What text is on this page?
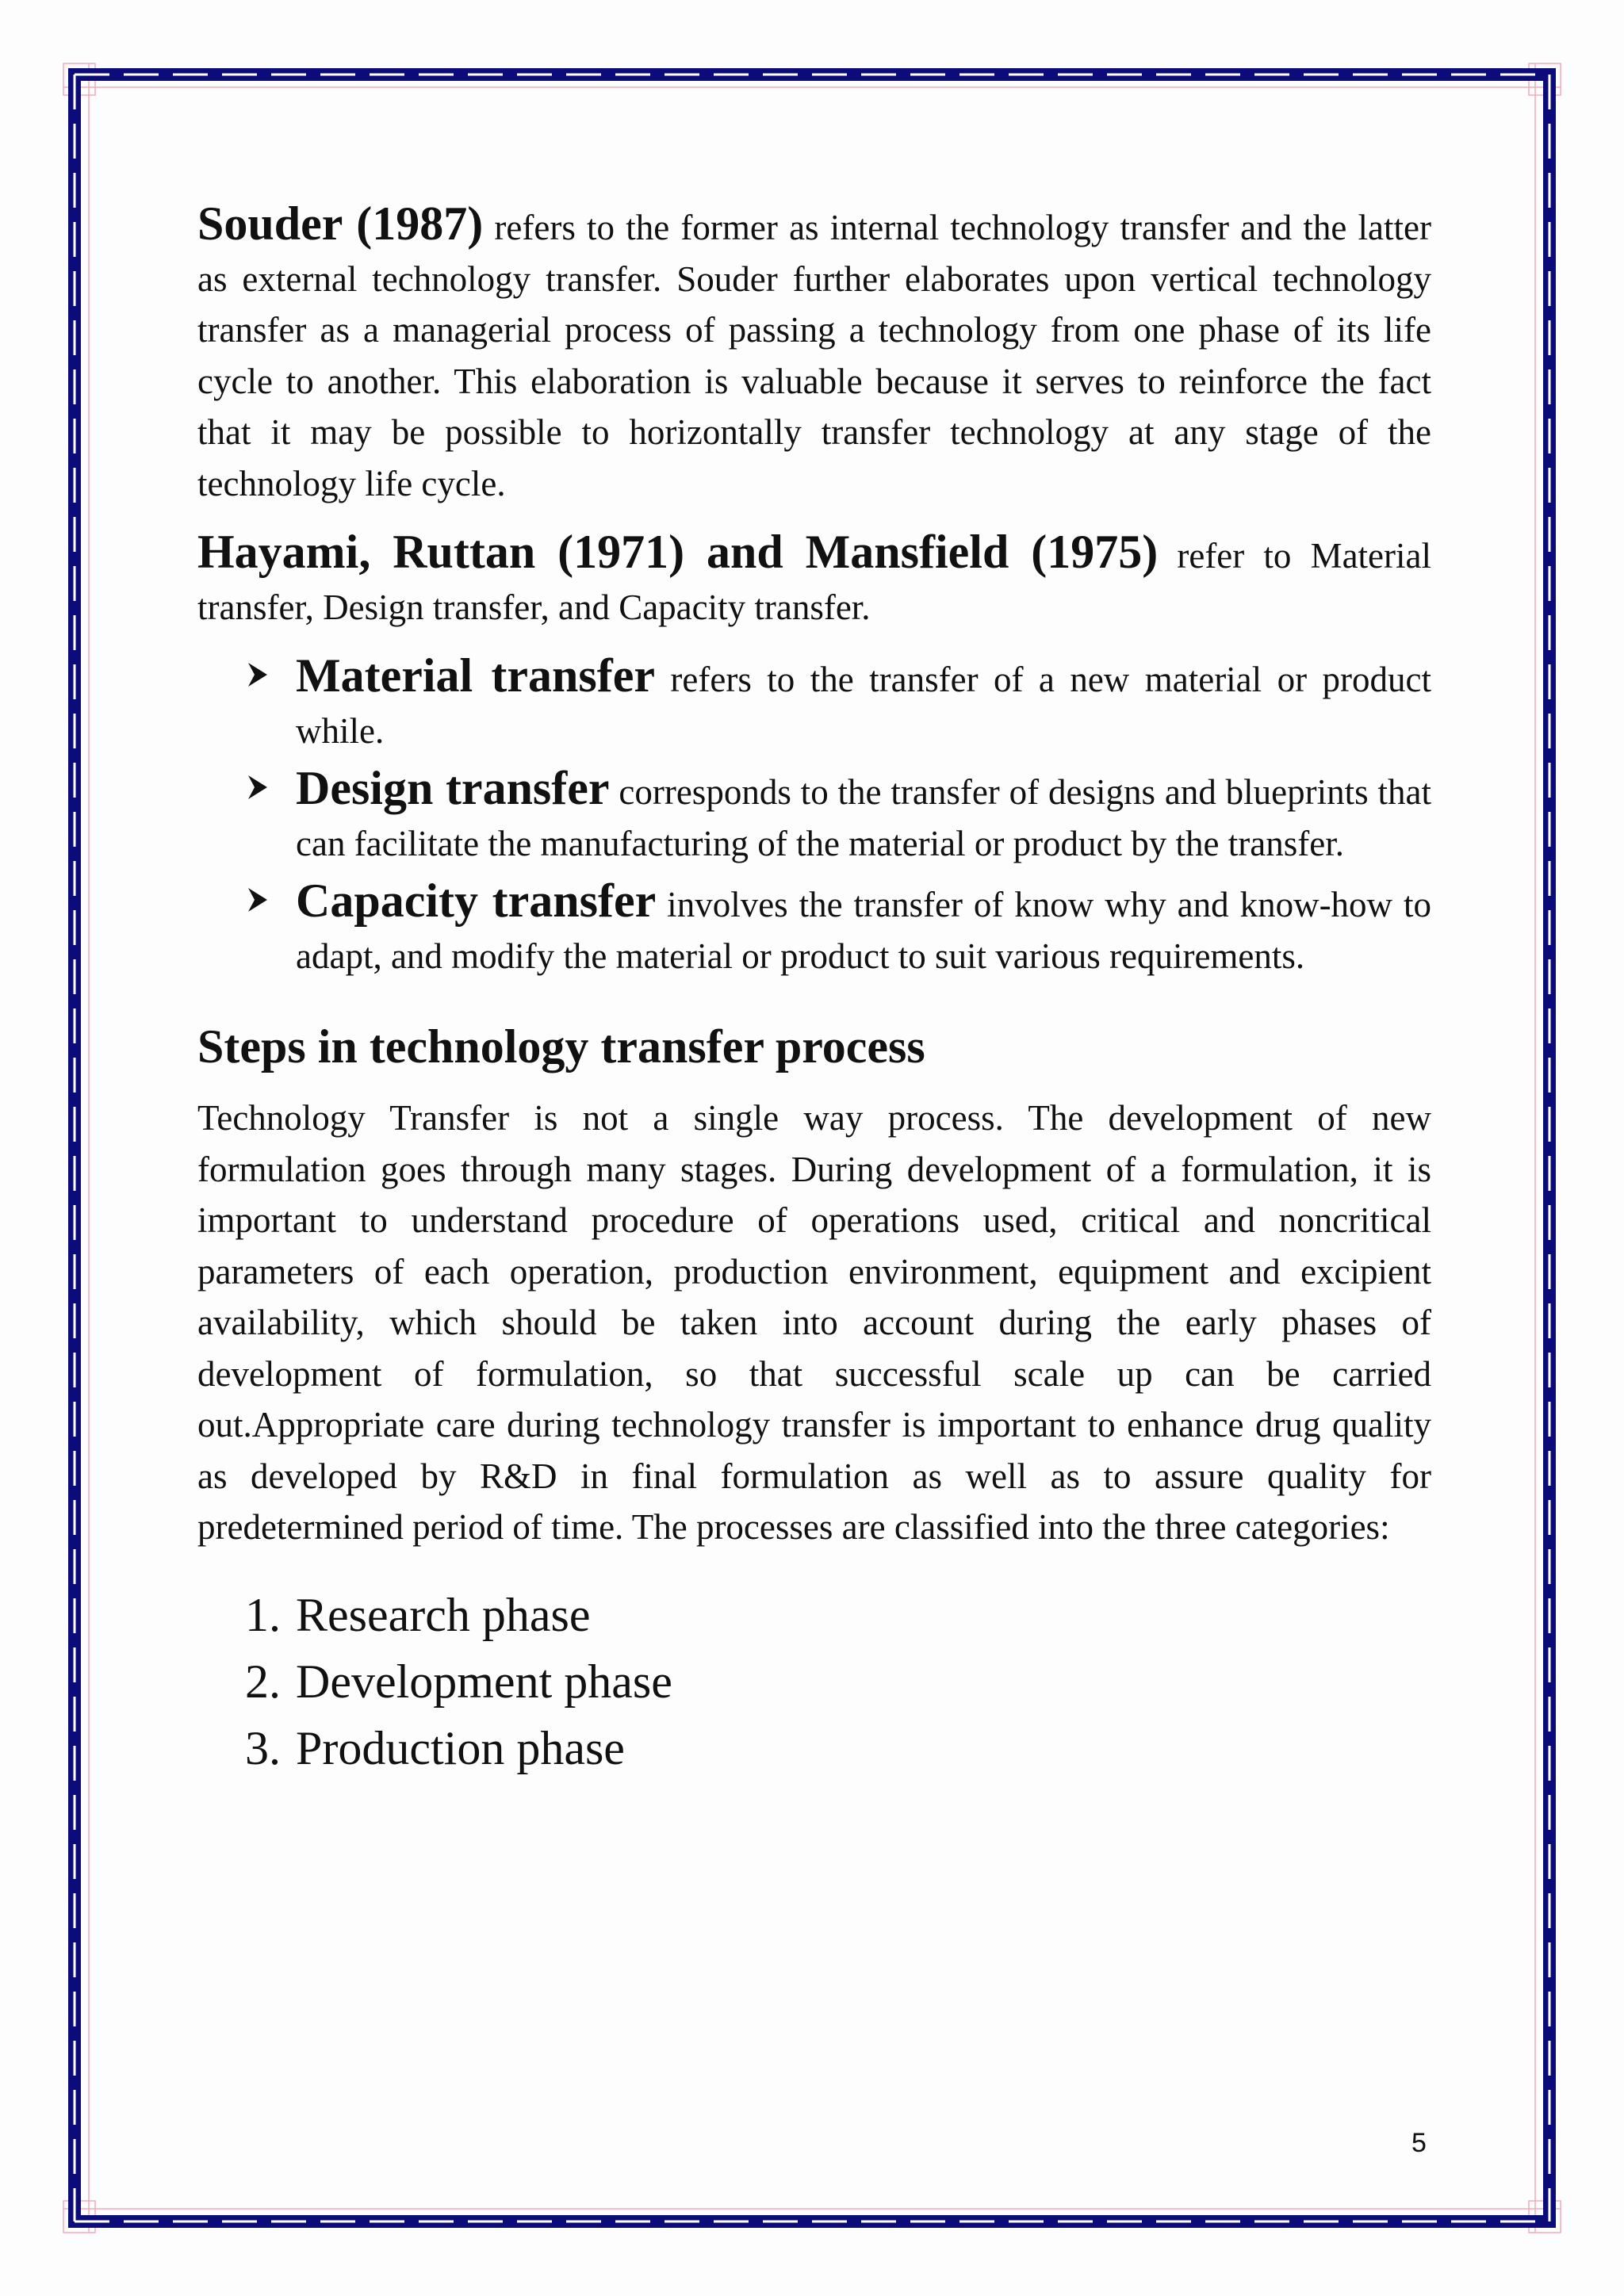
Souder (1987) refers to the former as internal technology transfer and the latter as external technology transfer. Souder further elaborates upon vertical technology transfer as a managerial process of passing a technology from one phase of its life cycle to another. This elaboration is valuable because it serves to reinforce the fact that it may be possible to horizontally transfer technology at any stage of the technology life cycle.

Hayami, Ruttan (1971) and Mansfield (1975) refer to Material transfer, Design transfer, and Capacity transfer.

Material transfer refers to the transfer of a new material or product while.
Design transfer corresponds to the transfer of designs and blueprints that can facilitate the manufacturing of the material or product by the transfer.
Capacity transfer involves the transfer of know why and know-how to adapt, and modify the material or product to suit various requirements.
Steps in technology transfer process

Technology Transfer is not a single way process. The development of new formulation goes through many stages. During development of a formulation, it is important to understand procedure of operations used, critical and noncritical parameters of each operation, production environment, equipment and excipient availability, which should be taken into account during the early phases of development of formulation, so that successful scale up can be carried out.Appropriate care during technology transfer is important to enhance drug quality as developed by R&D in final formulation as well as to assure quality for predetermined period of time. The processes are classified into the three categories:

1. Research phase
2. Development phase
3. Production phase
5
